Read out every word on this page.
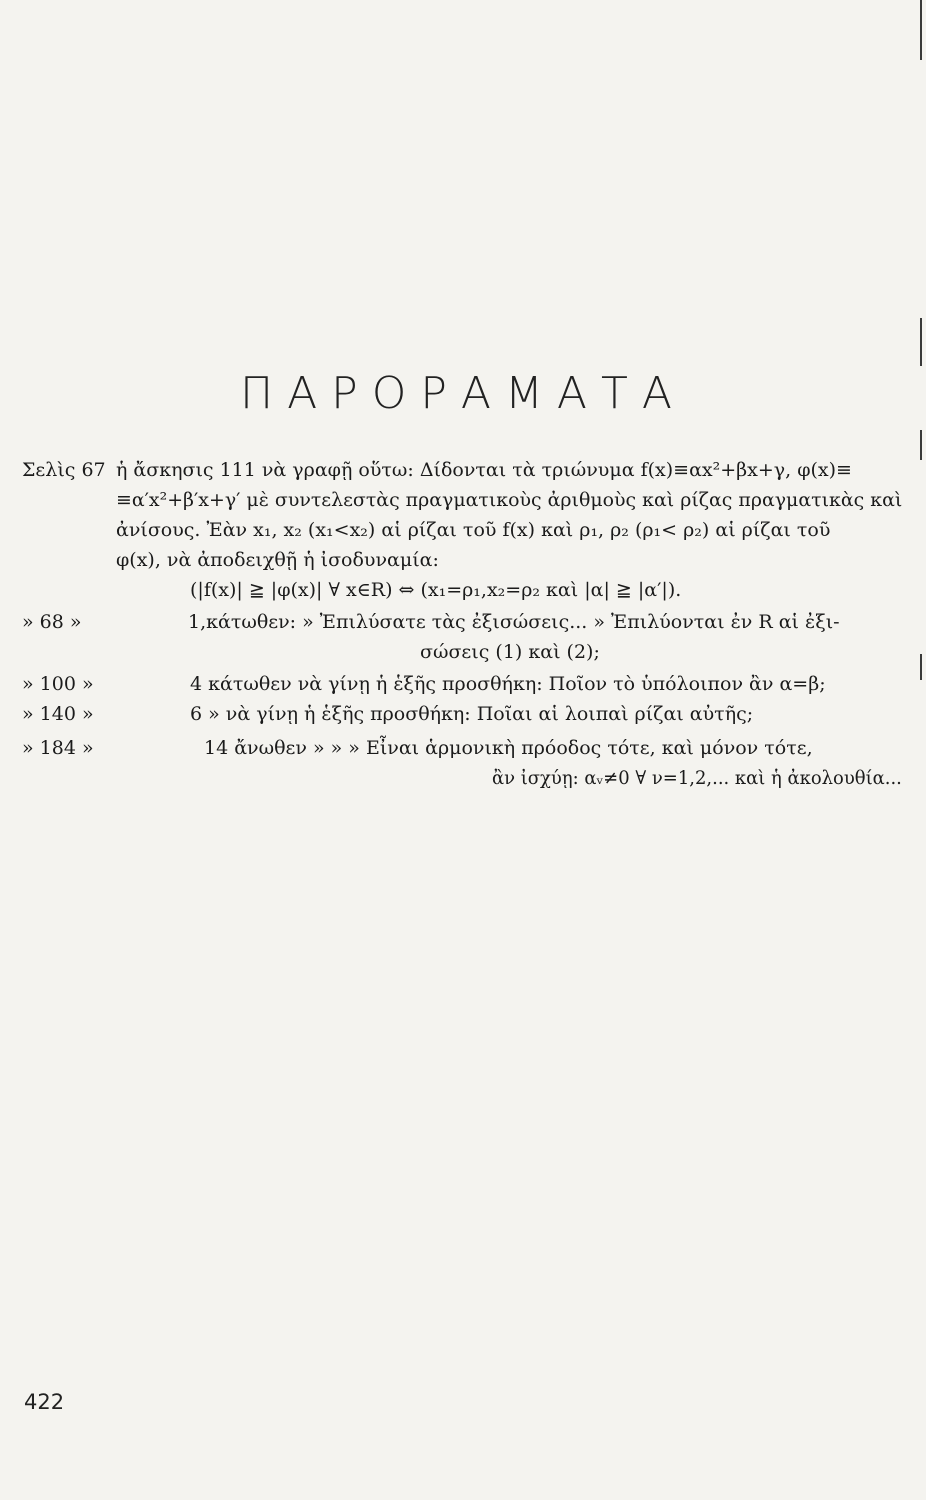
ΠΑΡΟΡΑΜΑΤΑ
Σελὶς 67 ἡ ἄσκησις 111 νὰ γραφῇ οὕτω: Δίδονται τὰ τριώνυμα f(x)≡αx²+βx+γ, φ(x)≡
≡α′x²+β′x+γ′ μὲ συντελεστὰς πραγματικοὺς ἀριθμοὺς καὶ ρίζας πραγματικὰς καὶ
ἀνίσους. Ἐὰν x₁, x₂ (x₁<x₂) αἱ ρίζαι τοῦ f(x) καὶ ρ₁, ρ₂ (ρ₁< ρ₂) αἱ ρίζαι τοῦ
φ(x), νὰ ἀποδειχθῇ ἡ ἰσοδυναμία:
(|f(x)| ≧ |φ(x)| ∀ x∈R) ⇔ (x₁=ρ₁,x₂=ρ₂ καὶ |α| ≧ |α′|).
» 68 »	1,κάτωθεν: » Ἐπιλύσατε τὰς ἐξισώσεις... » Ἐπιλύονται ἐν R αἱ ἐξι-
σώσεις (1) καὶ (2);
» 100 »	4 κάτωθεν νὰ γίνῃ ἡ ἑξῆς προσθήκη: Ποῖον τὸ ὑπόλοιπον ἂν α=β;
» 140 »	6 » νὰ γίνῃ ἡ ἑξῆς προσθήκη: Ποῖαι αἱ λοιπαὶ ρίζαι αὐτῆς;
» 184 »	14 ἄνωθεν » » » Εἶναι ἁρμονικὴ πρόοδος τότε, καὶ μόνον τότε,
ἂν ἰσχύῃ: αᵥ≠0 ∀ ν=1,2,... καὶ ἡ ἀκολουθία...
422
